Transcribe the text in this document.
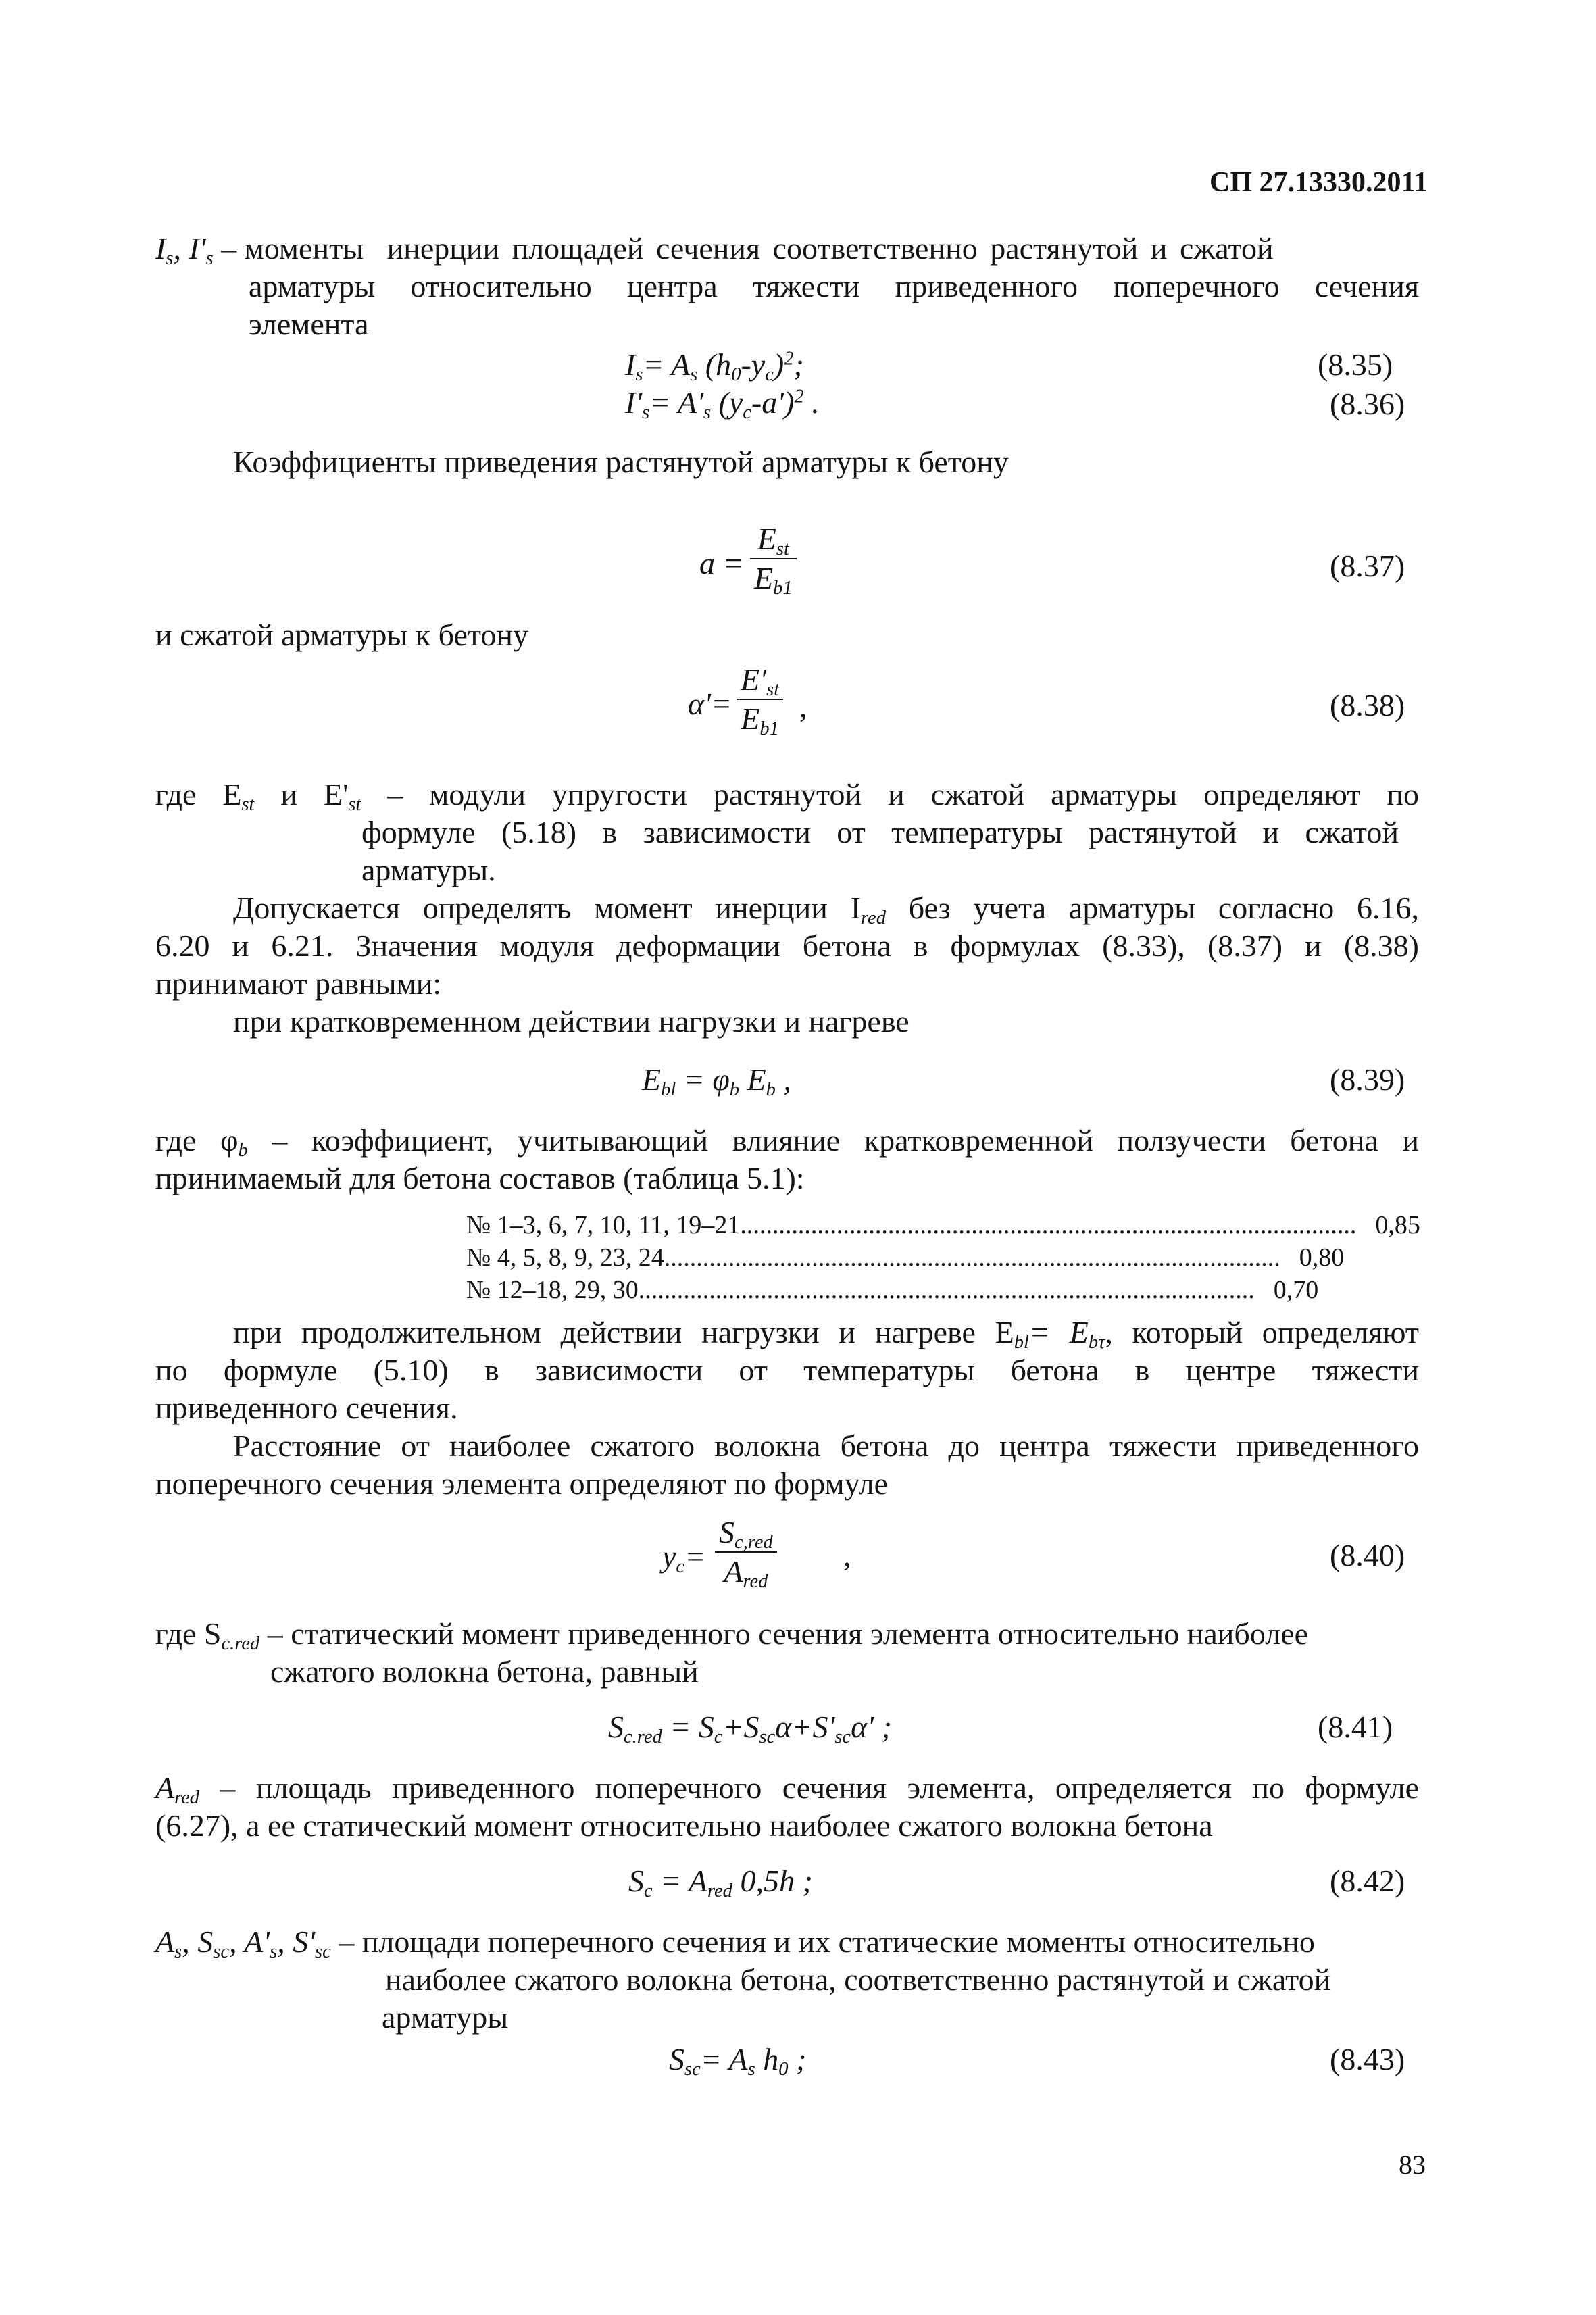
СП 27.13330.2011
$I_s$, $I'_s$ – моменты инерции площадей сечения соответственно растянутой и сжатой
арматуры относительно центра тяжести приведенного поперечного сечения
элемента
$I_s= A_s$ $(h_0-y_c)^2$;	(8.35)
$I'_s= A'_s$ $(y_c-a')^2$ .	(8.36)
Коэффициенты приведения растянутой арматуры к бетону
a =
$E_{st}$
$E_{b1}$
(8.37)
и сжатой арматуры к бетону
α'=
$E'_{st}$
$E_{b1}$
,	(8.38)
где $E_{st}$ и $E'_{st}$ – модули упругости растянутой и сжатой арматуры определяют по
формуле (5.18) в зависимости от температуры растянутой и сжатой
арматуры.
Допускается определять момент инерции $I_{red}$ без учета арматуры согласно 6.16,
6.20 и 6.21. Значения модуля деформации бетона в формулах (8.33), (8.37) и (8.38)
принимают равными:
при кратковременном действии нагрузки и нагреве
$E_{bl} = \varphi_b$ $E_b$ ,	(8.39)
где $\varphi_b$ – коэффициент, учитывающий влияние кратковременной ползучести бетона и
принимаемый для бетона составов (таблица 5.1):
№ 1–3, 6, 7, 10, 11, 19–21 ................................................................................................ 0,85
№ 4, 5, 8, 9, 23, 24 ................................................................................................ 0,80
№ 12–18, 29, 30 ................................................................................................ 0,70
при продолжительном действии нагрузки и нагреве $E_{bl}= E_{b\tau}$, который определяют
по формуле (5.10) в зависимости от температуры бетона в центре тяжести
приведенного сечения.
Расстояние от наиболее сжатого волокна бетона до центра тяжести приведенного
поперечного сечения элемента определяют по формуле
$y_c=$
$S_{c,red}$
$A_{red}$
,	(8.40)
где $S_{c.red}$ – статический момент приведенного сечения элемента относительно наиболее
сжатого волокна бетона, равный
$S_{c.red} = S_c+S_{sc}\alpha+S'_{sc}\alpha'$ ;	(8.41)
$A_{red}$ – площадь приведенного поперечного сечения элемента, определяется по формуле
(6.27), а ее статический момент относительно наиболее сжатого волокна бетона
$S_c = A_{red}$ 0,5h ;	(8.42)
$A_s$, $S_{sc}$, $A'_s$, $S'_{sc}$ – площади поперечного сечения и их статические моменты относительно
наиболее сжатого волокна бетона, соответственно растянутой и сжатой
арматуры
$S_{sc}= A_s$ $h_0$ ;	(8.43)
83
